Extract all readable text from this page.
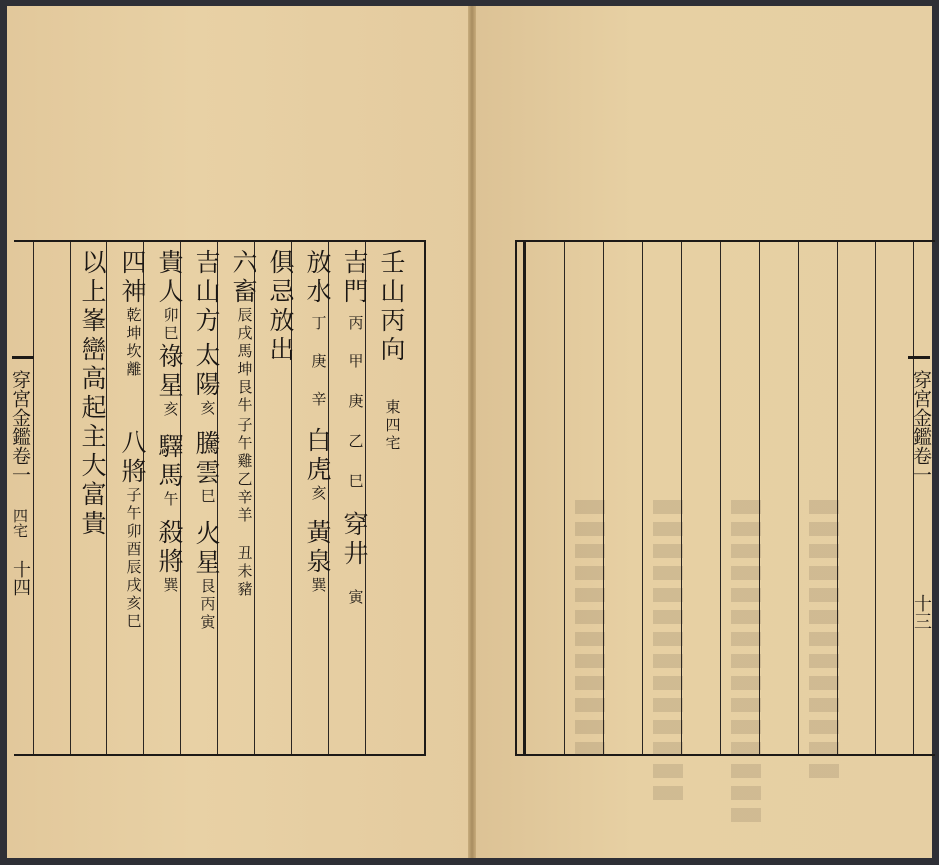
壬
山
丙
向
東
四
宅
吉
門
丙
甲
庚
乙
巳
穿
井
寅
放
水
丁
庚
辛
白
虎
亥
黃
泉
巽
俱
忌
放
出
六
畜
辰
戌
馬
坤
艮
牛
子
午
雞
乙
辛
羊
丑
未
豬
吉
山
方
太
陽
亥
騰
雲
巳
火
星
艮
丙
寅
貴
人
卯
巳
祿
星
亥
驛
馬
午
殺
將
巽
四
神
乾
坤
坎
離
八
將
子
午
卯
酉
辰
戌
亥
巳
以
上
峯
巒
高
起
主
大
富
貴
穿宮金鑑卷一
四宅
十四
穿宮金鑑卷一
十三
